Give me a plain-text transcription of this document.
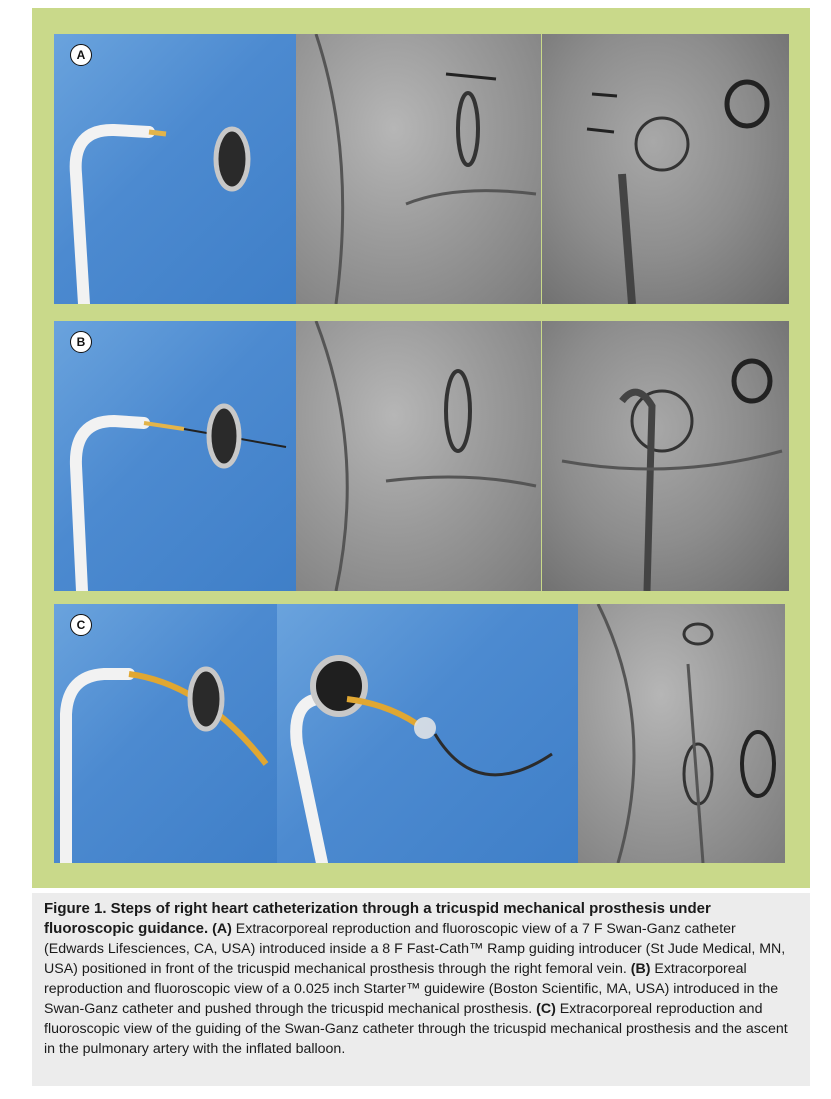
A
B
C
Figure 1. Steps of right heart catheterization through a tricuspid mechanical prosthesis under fluoroscopic guidance. (A) Extracorporeal reproduction and fluoroscopic view of a 7 F Swan-Ganz catheter (Edwards Lifesciences, CA, USA) introduced inside a 8 F Fast-Cath™ Ramp guiding introducer (St Jude Medical, MN, USA) positioned in front of the tricuspid mechanical prosthesis through the right femoral vein. (B) Extracorporeal reproduction and fluoroscopic view of a 0.025 inch Starter™ guidewire (Boston Scientific, MA, USA) introduced in the Swan-Ganz catheter and pushed through the tricuspid mechanical prosthesis. (C) Extracorporeal reproduction and fluoroscopic view of the guiding of the Swan-Ganz catheter through the tricuspid mechanical prosthesis and the ascent in the pulmonary artery with the inflated balloon.
